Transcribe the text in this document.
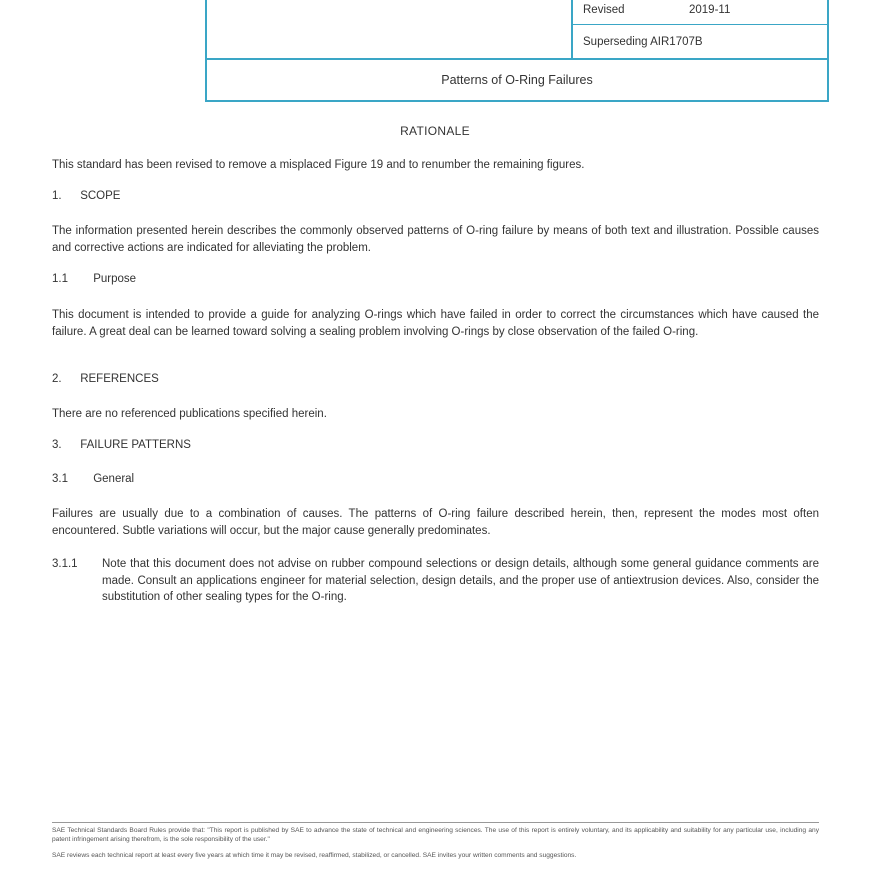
Revised	2019-11
Superseding AIR1707B
Patterns of O-Ring Failures
RATIONALE
This standard has been revised to remove a misplaced Figure 19 and to renumber the remaining figures.
1. SCOPE
The information presented herein describes the commonly observed patterns of O-ring failure by means of both text and illustration. Possible causes and corrective actions are indicated for alleviating the problem.
1.1 Purpose
This document is intended to provide a guide for analyzing O-rings which have failed in order to correct the circumstances which have caused the failure. A great deal can be learned toward solving a sealing problem involving O-rings by close observation of the failed O-ring.
2. REFERENCES
There are no referenced publications specified herein.
3. FAILURE PATTERNS
3.1 General
Failures are usually due to a combination of causes. The patterns of O-ring failure described herein, then, represent the modes most often encountered. Subtle variations will occur, but the major cause generally predominates.
3.1.1 Note that this document does not advise on rubber compound selections or design details, although some general guidance comments are made. Consult an applications engineer for material selection, design details, and the proper use of antiextrusion devices. Also, consider the substitution of other sealing types for the O-ring.
SAE Technical Standards Board Rules provide that: "This report is published by SAE to advance the state of technical and engineering sciences. The use of this report is entirely voluntary, and its applicability and suitability for any particular use, including any patent infringement arising therefrom, is the sole responsibility of the user."
SAE reviews each technical report at least every five years at which time it may be revised, reaffirmed, stabilized, or cancelled. SAE invites your written comments and suggestions.
